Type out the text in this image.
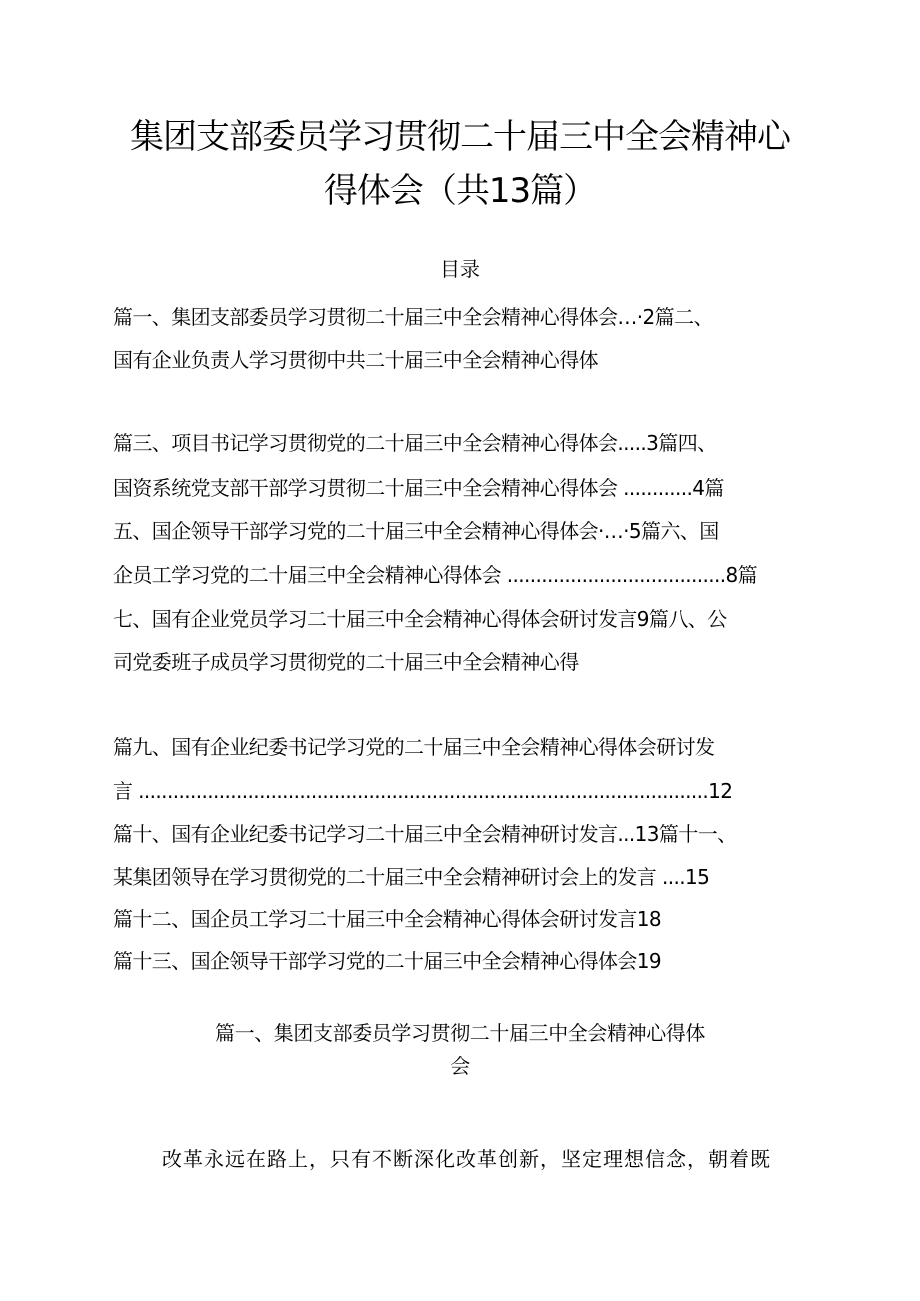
集团支部委员学习贯彻二十届三中全会精神心
得体会（共13篇）
目录
篇一、集团支部委员学习贯彻二十届三中全会精神心得体会…·2篇二、
国有企业负责人学习贯彻中共二十届三中全会精神心得体
篇三、项目书记学习贯彻党的二十届三中全会精神心得体会.....3篇四、
国资系统党支部干部学习贯彻二十届三中全会精神心得体会 ............4篇
五、国企领导干部学习党的二十届三中全会精神心得体会·…·5篇六、国
企员工学习党的二十届三中全会精神心得体会 ......................................8篇
七、国有企业党员学习二十届三中全会精神心得体会研讨发言9篇八、公
司党委班子成员学习贯彻党的二十届三中全会精神心得
篇九、国有企业纪委书记学习党的二十届三中全会精神心得体会研讨发
言 ...................................................................................................12
篇十、国有企业纪委书记学习二十届三中全会精神研讨发言...13篇十一、
某集团领导在学习贯彻党的二十届三中全会精神研讨会上的发言 ....15
篇十二、国企员工学习二十届三中全会精神心得体会研讨发言18
篇十三、国企领导干部学习党的二十届三中全会精神心得体会19
篇一、集团支部委员学习贯彻二十届三中全会精神心得体
会
改革永远在路上，只有不断深化改革创新，坚定理想信念，朝着既
